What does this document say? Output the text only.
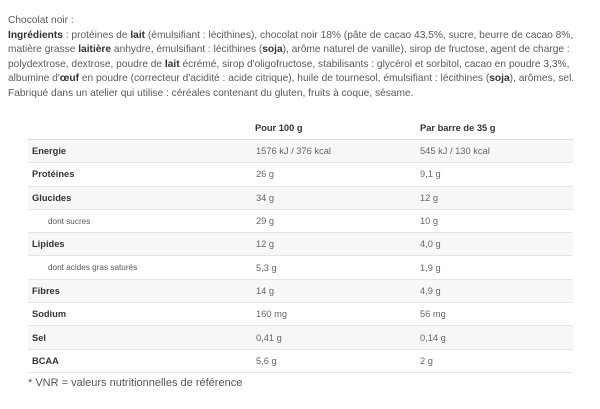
Chocolat noir :
Ingrédients : protéines de lait (émulsifiant : lécithines), chocolat noir 18% (pâte de cacao 43,5%, sucre, beurre de cacao 8%, matière grasse laitière anhydre, émulsifiant : lécithines (soja), arôme naturel de vanille), sirop de fructose, agent de charge : polydextrose, dextrose, poudre de lait écrémé, sirop d'oligofructose, stabilisants : glycérol et sorbitol, cacao en poudre 3,3%, albumine d'œuf en poudre (correcteur d'acidité : acide citrique), huile de tournesol, émulsifiant : lécithines (soja), arômes, sel. Fabriqué dans un atelier qui utilise : céréales contenant du gluten, fruits à coque, sésame.
	Pour 100 g	Par barre de 35 g
Energie	1576 kJ / 376 kcal	545 kJ / 130 kcal
Protéines	26 g	9,1 g
Glucides	34 g	12 g
dont sucres	29 g	10 g
Lipides	12 g	4,0 g
dont acides gras saturés	5,3 g	1,9 g
Fibres	14 g	4,9 g
Sodium	160 mg	56 mg
Sel	0,41 g	0,14 g
BCAA	5,6 g	2 g
* VNR = valeurs nutritionnelles de référence
